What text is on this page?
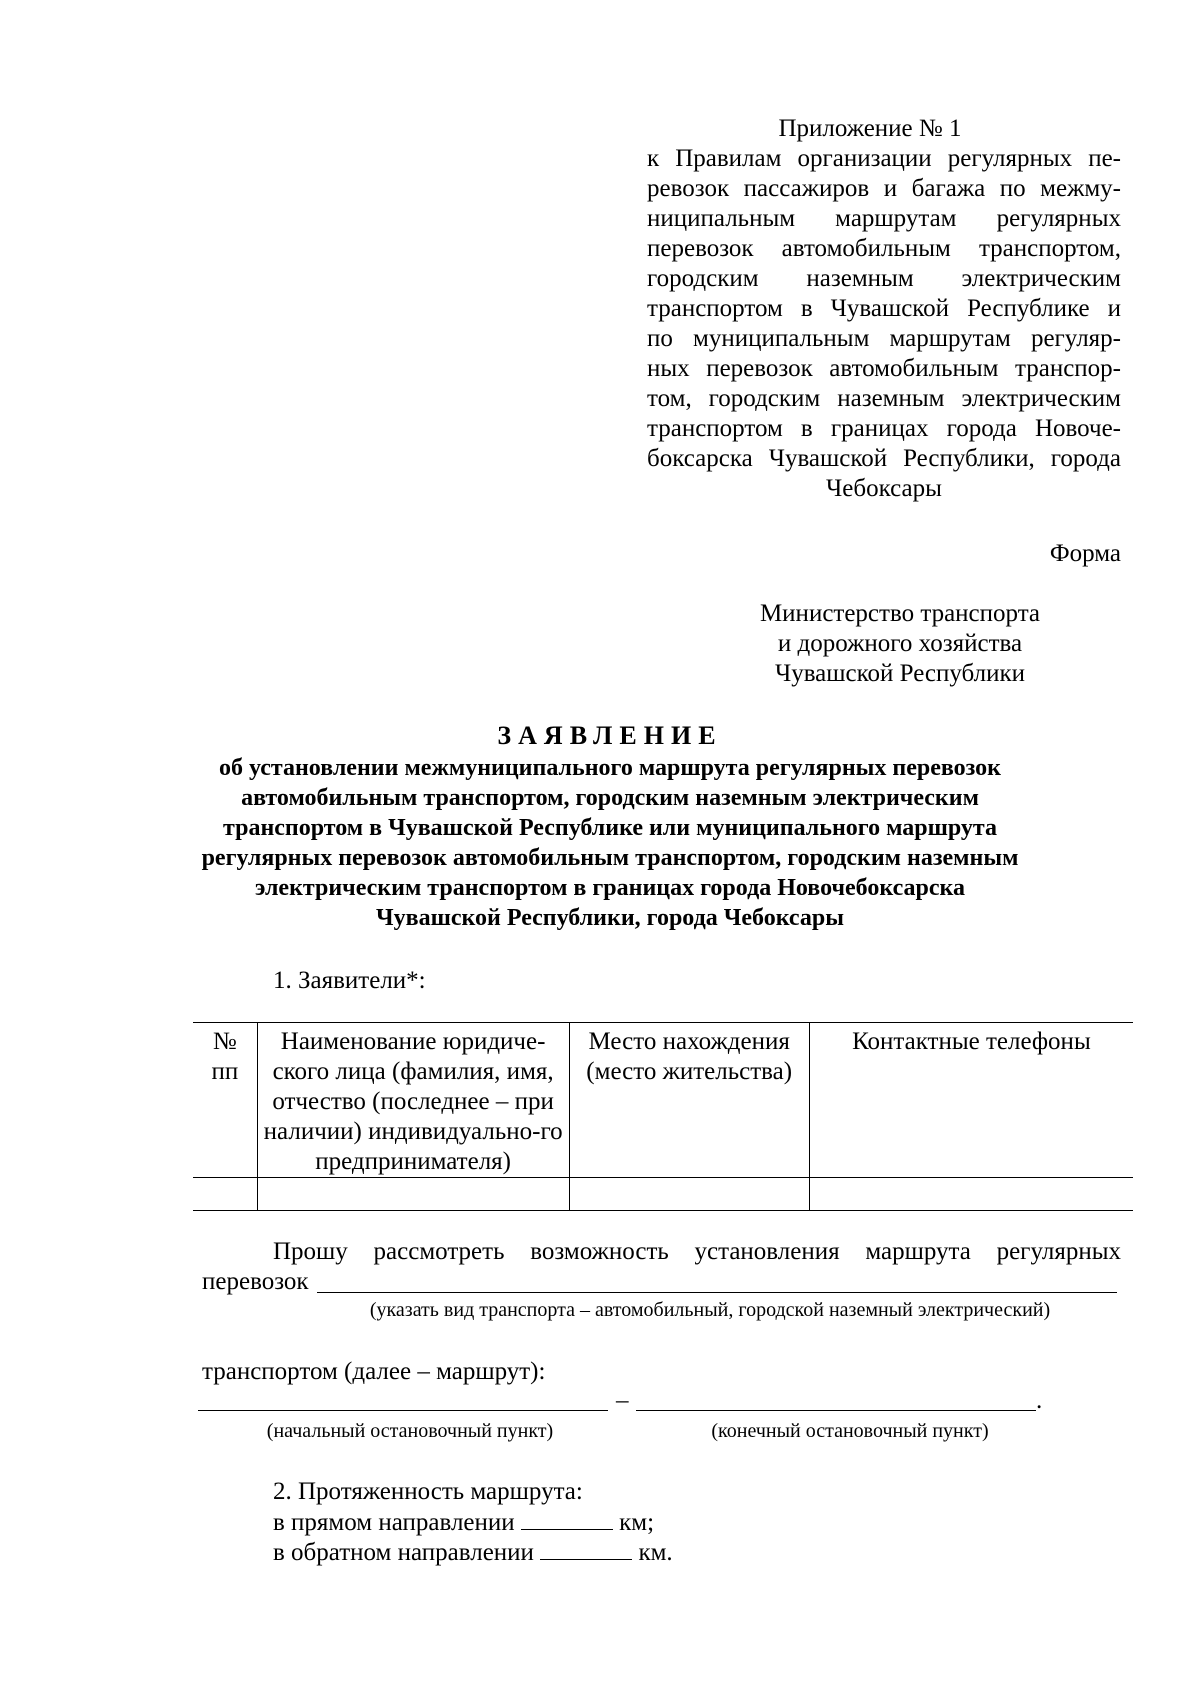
Приложение № 1
к Правилам организации регулярных пе-
ревозок пассажиров и багажа по межму-
ниципальным маршрутам регулярных
перевозок автомобильным транспортом,
городским наземным электрическим
транспортом в Чувашской Республике и
по муниципальным маршрутам регуляр-
ных перевозок автомобильным транспор-
том, городским наземным электрическим
транспортом в границах города Новоче-
боксарска Чувашской Республики, города
Чебоксары
Форма
Министерство транспорта
и дорожного хозяйства
Чувашской Республики
ЗАЯВЛЕНИЕ
об установлении межмуниципального маршрута регулярных перевозок
автомобильным транспортом, городским наземным электрическим
транспортом в Чувашской Республике или муниципального маршрута
регулярных перевозок автомобильным транспортом, городским наземным
электрическим транспортом в границах города Новочебоксарска
Чувашской Республики, города Чебоксары
1. Заявители*:
№ пп	Наименование юридиче-ского лица (фамилия, имя, отчество (последнее – при наличии) индивидуально-го предпринимателя)	Место нахождения (место жительства)	Контактные телефоны

Прошу рассмотреть возможность установления маршрута регулярных
перевозок
(указать вид транспорта – автомобильный, городской наземный электрический)
транспортом (далее – маршрут):
–	.
(начальный остановочный пункт)	(конечный остановочный пункт)
2. Протяженность маршрута:
в прямом направлении	км;
в обратном направлении	км.
